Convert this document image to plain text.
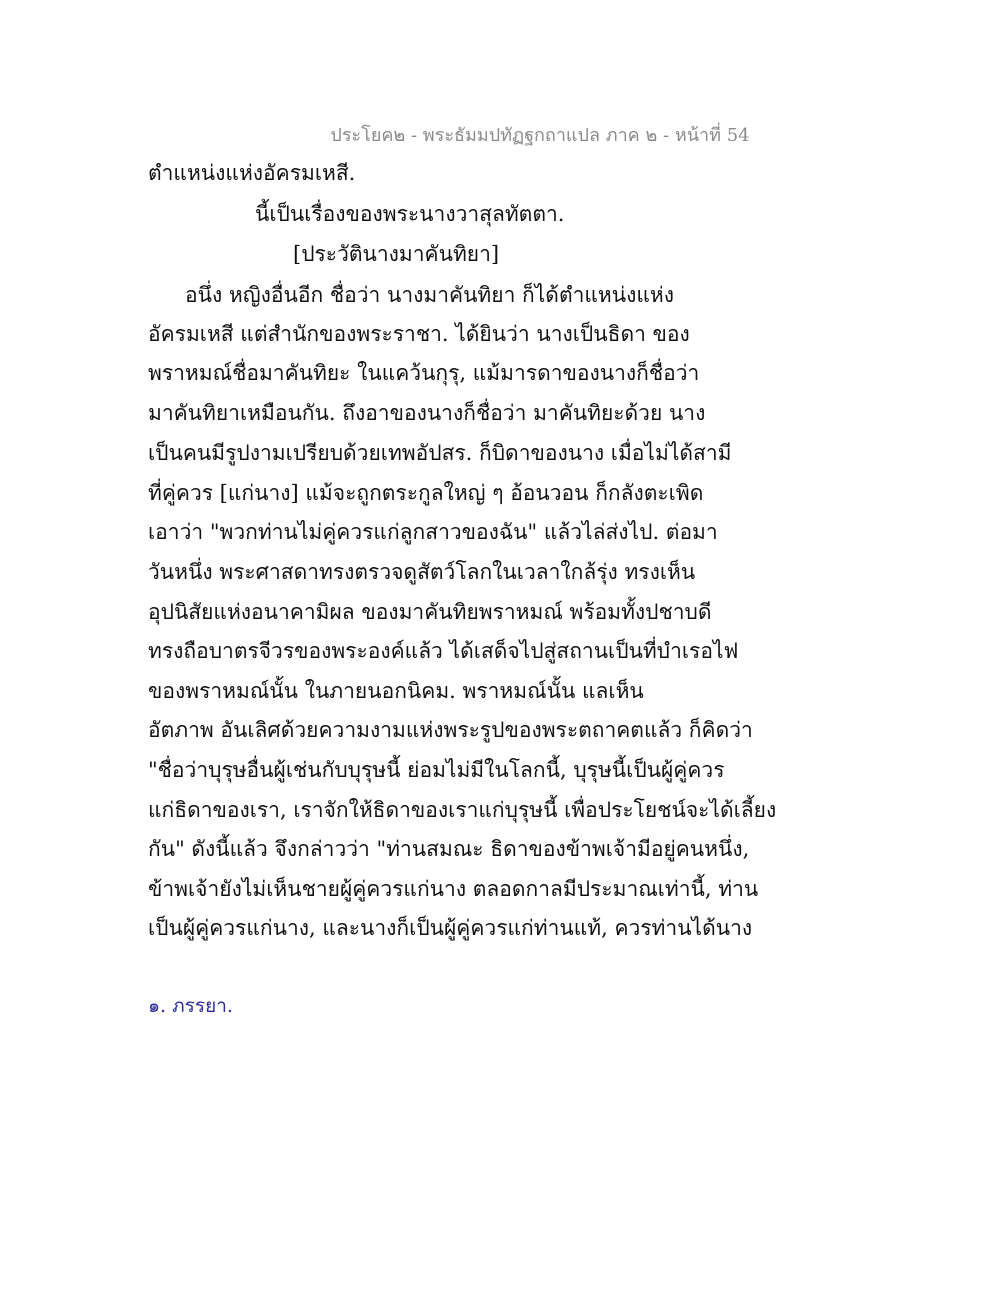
ประโยค๒ - พระธัมมปทัฏฐกถาแปล ภาค ๒ - หน้าที่ 54
ตำแหน่งแห่งอัครมเหสี.
นี้เป็นเรื่องของพระนางวาสุลทัตตา.
[ประวัตินางมาคันทิยา]
อนึ่ง หญิงอื่นอีก ชื่อว่า นางมาคันทิยา ก็ได้ตำแหน่งแห่ง
อัครมเหสี แต่สำนักของพระราชา. ได้ยินว่า นางเป็นธิดา ของ
พราหมณ์ชื่อมาคันทิยะ ในแคว้นกุรุ, แม้มารดาของนางก็ชื่อว่า
มาคันทิยาเหมือนกัน. ถึงอาของนางก็ชื่อว่า มาคันทิยะด้วย นาง
เป็นคนมีรูปงามเปรียบด้วยเทพอัปสร. ก็บิดาของนาง เมื่อไม่ได้สามี
ที่คู่ควร [แก่นาง] แม้จะถูกตระกูลใหญ่ ๆ อ้อนวอน ก็กลังตะเพิด
เอาว่า "พวกท่านไม่คู่ควรแก่ลูกสาวของฉัน" แล้วไล่ส่งไป. ต่อมา
วันหนึ่ง พระศาสดาทรงตรวจดูสัตว์โลกในเวลาใกล้รุ่ง ทรงเห็น
อุปนิสัยแห่งอนาคามิผล ของมาคันทิยพราหมณ์ พร้อมทั้งปชาบดี
ทรงถือบาตรจีวรของพระองค์แล้ว ได้เสด็จไปสู่สถานเป็นที่บำเรอไฟ
ของพราหมณ์นั้น ในภายนอกนิคม. พราหมณ์นั้น แลเห็น
อัตภาพ อันเลิศด้วยความงามแห่งพระรูปของพระตถาคตแล้ว ก็คิดว่า
"ชื่อว่าบุรุษอื่นผู้เช่นกับบุรุษนี้ ย่อมไม่มีในโลกนี้, บุรุษนี้เป็นผู้คู่ควร
แก่ธิดาของเรา, เราจักให้ธิดาของเราแก่บุรุษนี้ เพื่อประโยชน์จะได้เลี้ยง
กัน" ดังนี้แล้ว จึงกล่าวว่า "ท่านสมณะ ธิดาของข้าพเจ้ามีอยู่คนหนึ่ง,
ข้าพเจ้ายังไม่เห็นชายผู้คู่ควรแก่นาง ตลอดกาลมีประมาณเท่านี้, ท่าน
เป็นผู้คู่ควรแก่นาง, และนางก็เป็นผู้คู่ควรแก่ท่านแท้, ควรท่านได้นาง
๑. ภรรยา.
